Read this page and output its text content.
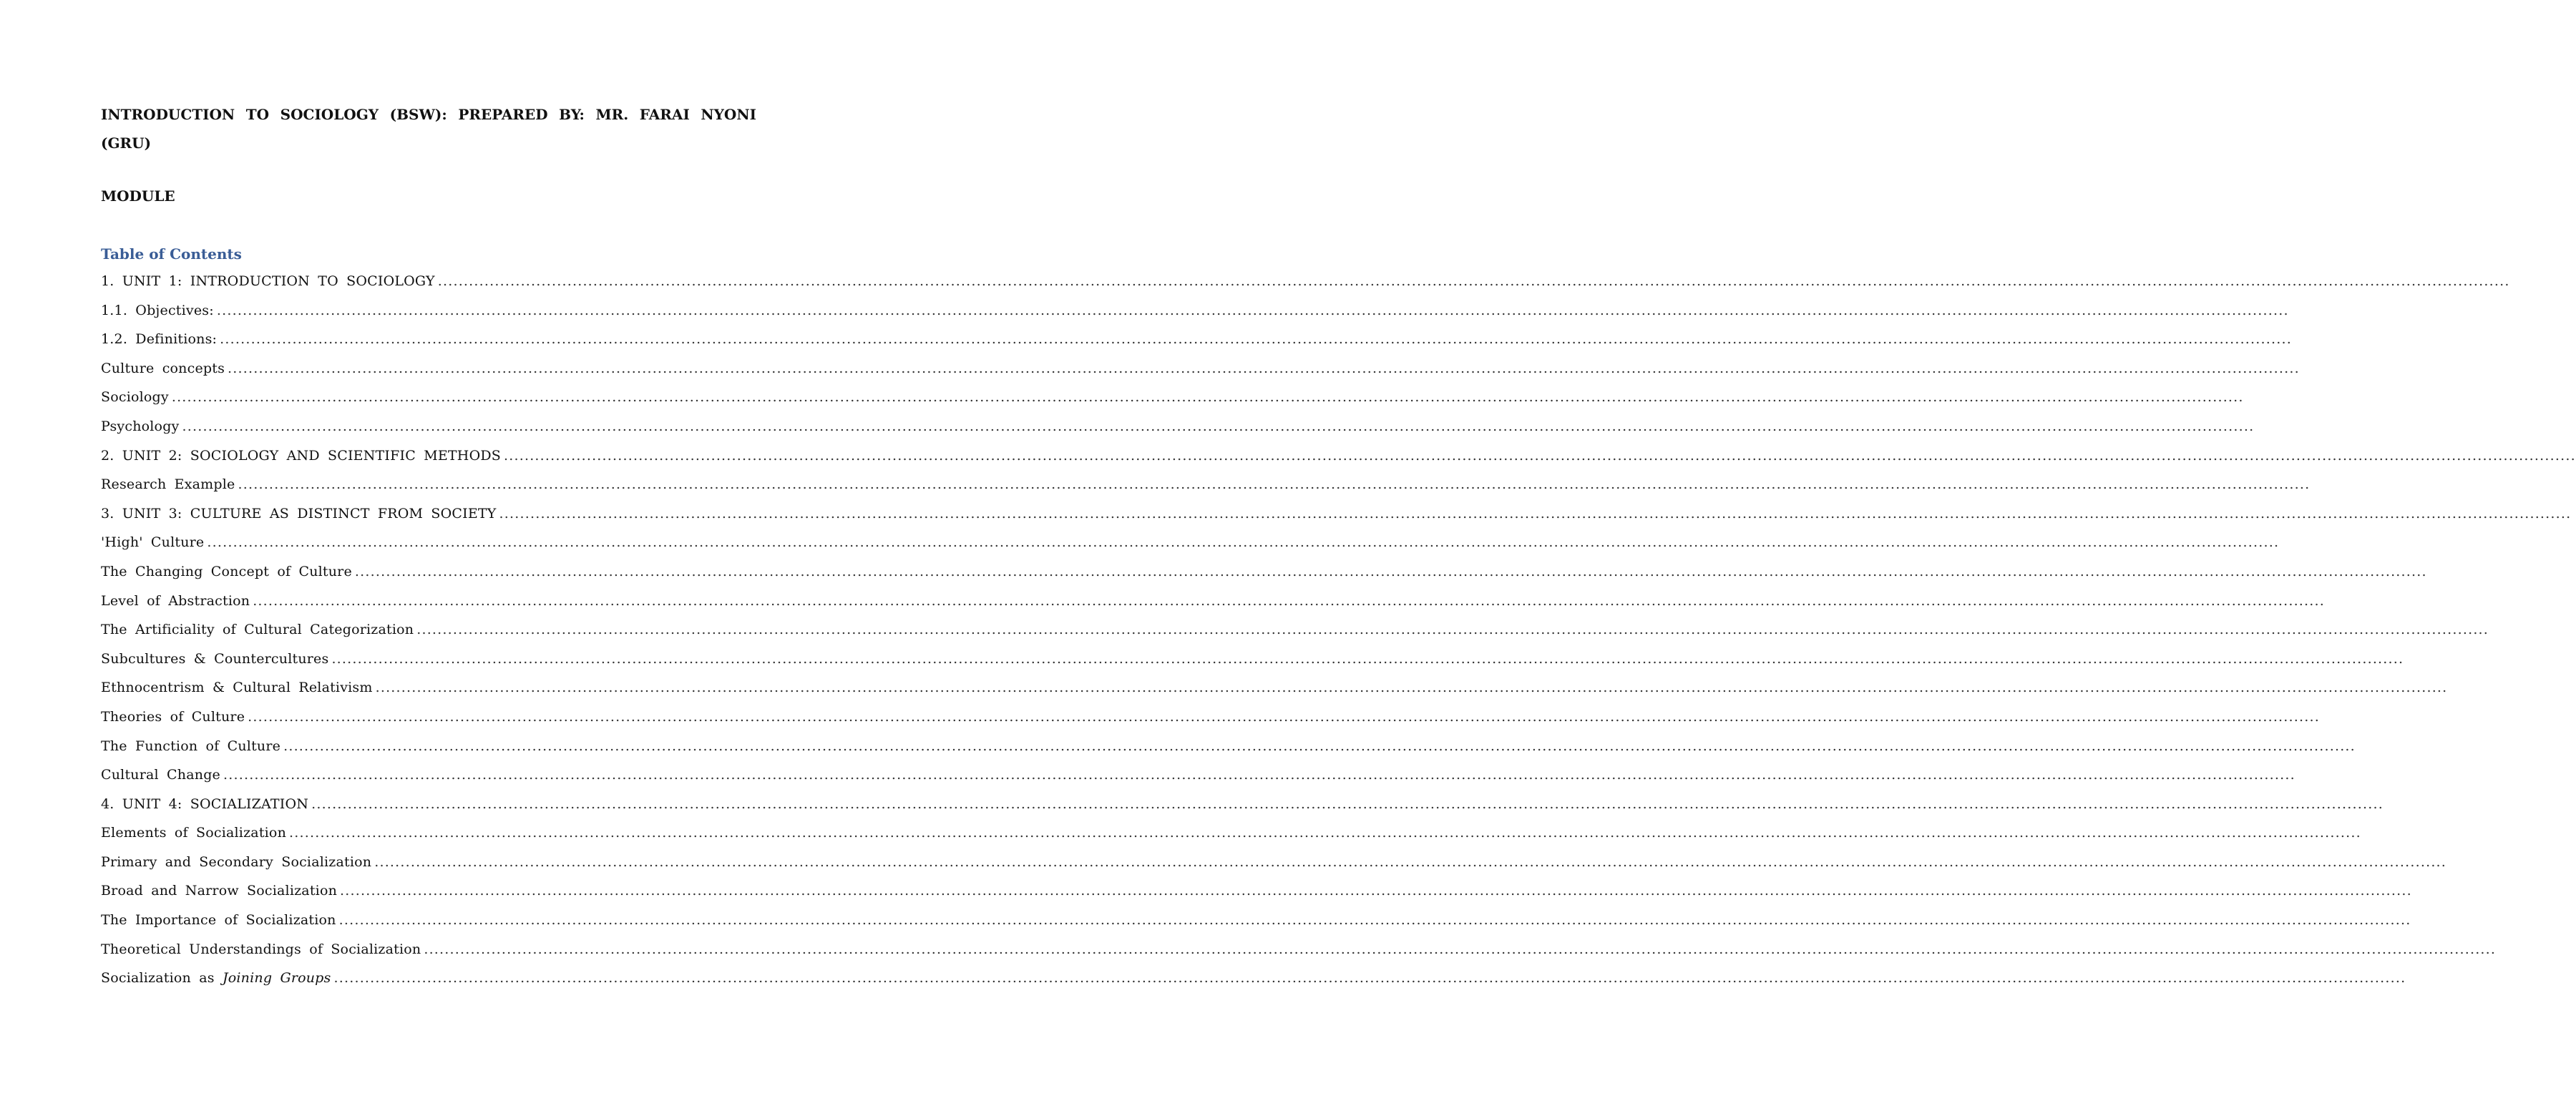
INTRODUCTION TO SOCIOLOGY (BSW): PREPARED BY: MR. FARAI NYONI (GRU)
MODULE
Table of Contents
1. UNIT 1: INTRODUCTION TO SOCIOLOGY ................................................................................................................................................................................................................................................................................................................................................................................................................
1.1. Objectives: ................................................................................................................................................................................................................................................................................................................................................................................................................
1.2. Definitions: ................................................................................................................................................................................................................................................................................................................................................................................................................
Culture concepts ................................................................................................................................................................................................................................................................................................................................................................................................................
Sociology ................................................................................................................................................................................................................................................................................................................................................................................................................
Psychology ................................................................................................................................................................................................................................................................................................................................................................................................................
2. UNIT 2: SOCIOLOGY AND SCIENTIFIC METHODS ................................................................................................................................................................................................................................................................................................................................................................................................................
Research Example ................................................................................................................................................................................................................................................................................................................................................................................................................
3. UNIT 3: CULTURE AS DISTINCT FROM SOCIETY ................................................................................................................................................................................................................................................................................................................................................................................................................
'High' Culture ................................................................................................................................................................................................................................................................................................................................................................................................................
The Changing Concept of Culture ................................................................................................................................................................................................................................................................................................................................................................................................................
Level of Abstraction ................................................................................................................................................................................................................................................................................................................................................................................................................
The Artificiality of Cultural Categorization ................................................................................................................................................................................................................................................................................................................................................................................................................
Subcultures & Countercultures ................................................................................................................................................................................................................................................................................................................................................................................................................
Ethnocentrism & Cultural Relativism ................................................................................................................................................................................................................................................................................................................................................................................................................
Theories of Culture ................................................................................................................................................................................................................................................................................................................................................................................................................
The Function of Culture ................................................................................................................................................................................................................................................................................................................................................................................................................
Cultural Change ................................................................................................................................................................................................................................................................................................................................................................................................................
4. UNIT 4: SOCIALIZATION ................................................................................................................................................................................................................................................................................................................................................................................................................
Elements of Socialization ................................................................................................................................................................................................................................................................................................................................................................................................................
Primary and Secondary Socialization ................................................................................................................................................................................................................................................................................................................................................................................................................
Broad and Narrow Socialization ................................................................................................................................................................................................................................................................................................................................................................................................................
The Importance of Socialization ................................................................................................................................................................................................................................................................................................................................................................................................................
Theoretical Understandings of Socialization ................................................................................................................................................................................................................................................................................................................................................................................................................
Socialization as Joining Groups ................................................................................................................................................................................................................................................................................................................................................................................................................
